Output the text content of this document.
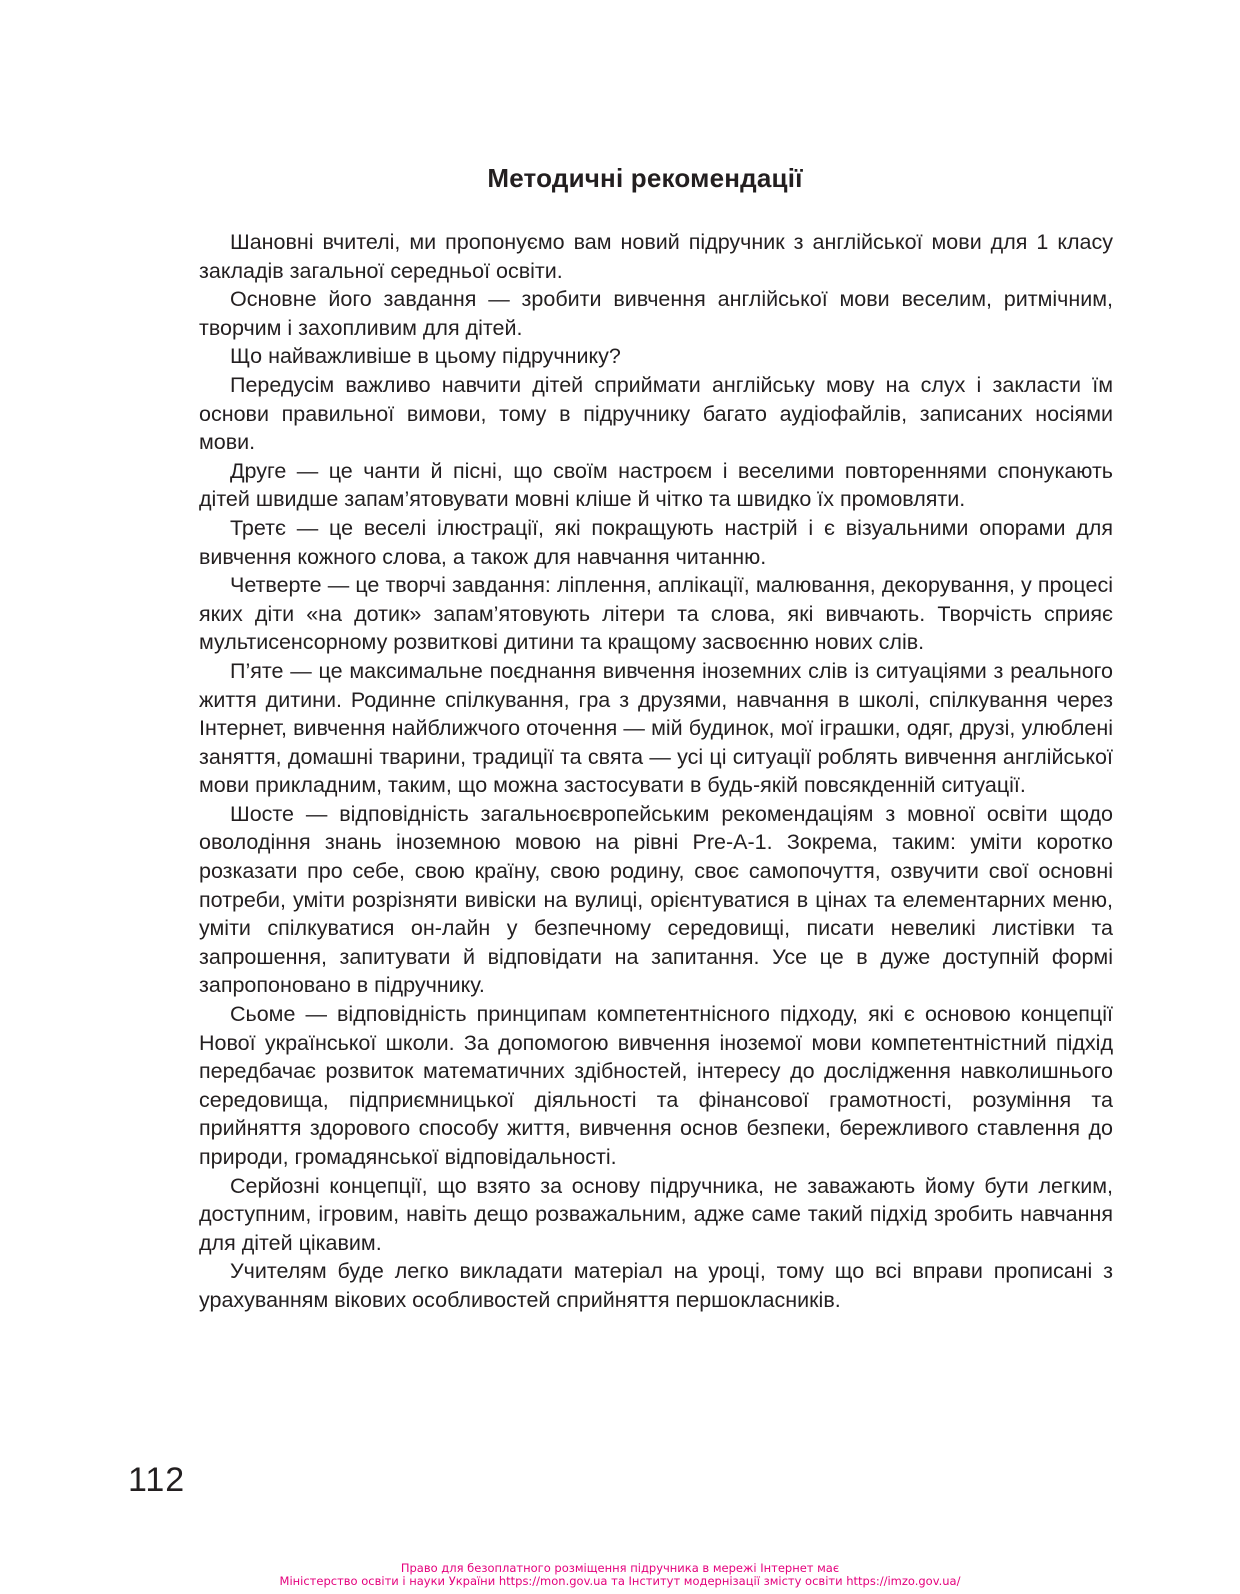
Методичні рекомендації

Шановні вчителі, ми пропонуємо вам новий підручник з англійської мови для 1 класу закладів загальної середньої освіти.

Основне його завдання — зробити вивчення англійської мови веселим, ритмічним, творчим і захопливим для дітей.

Що найважливіше в цьому підручнику?

Передусім важливо навчити дітей сприймати англійську мову на слух і закласти їм основи правильної вимови, тому в підручнику багато аудіофайлів, записаних носіями мови.

Друге — це чанти й пісні, що своїм настроєм і веселими повтореннями спонукають дітей швидше запам’ятовувати мовні кліше й чітко та швидко їх промовляти.

Третє — це веселі ілюстрації, які покращують настрій і є візуальними опорами для вивчення кожного слова, а також для навчання читанню.

Четверте — це творчі завдання: ліплення, аплікації, малювання, декорування, у процесі яких діти «на дотик» запам’ятовують літери та слова, які вивчають. Творчість сприяє мультисенсорному розвиткові дитини та кращому засвоєнню нових слів.

П’яте — це максимальне поєднання вивчення іноземних слів із ситуаціями з реального життя дитини. Родинне спілкування, гра з друзями, навчання в школі, спілкування через Інтернет, вивчення найближчого оточення — мій будинок, мої іграшки, одяг, друзі, улюблені заняття, домашні тварини, традиції та свята — усі ці ситуації роблять вивчення англійської мови прикладним, таким, що можна застосувати в будь-якій повсякденній ситуації.

Шосте — відповідність загальноєвропейським рекомендаціям з мовної освіти щодо оволодіння знань іноземною мовою на рівні Pre-A-1. Зокрема, таким: уміти коротко розказати про себе, свою країну, свою родину, своє самопочуття, озвучити свої основні потреби, уміти розрізняти вивіски на вулиці, орієнтуватися в цінах та елементарних меню, уміти спілкуватися он-лайн у безпечному середовищі, писати невеликі листівки та запрошення, запитувати й відповідати на запитання. Усе це в дуже доступній формі запропоновано в підручнику.

Сьоме — відповідність принципам компетентнісного підходу, які є основою концепції Нової української школи. За допомогою вивчення іноземої мови компетентністний підхід передбачає розвиток математичних здібностей, інтересу до дослідження навколишнього середовища, підприємницької діяльності та фінансової грамотності, розуміння та прийняття здорового способу життя, вивчення основ безпеки, бережливого ставлення до природи, громадянської відповідальності.

Серйозні концепції, що взято за основу підручника, не заважають йому бути легким, доступним, ігровим, навіть дещо розважальним, адже саме такий підхід зробить навчання для дітей цікавим.

Учителям буде легко викладати матеріал на уроці, тому що всі вправи прописані з урахуванням вікових особливостей сприйняття першокласників.

112
Право для безоплатного розміщення підручника в мережі Інтернет має
Міністерство освіти і науки України https://mon.gov.ua та Інститут модернізації змісту освіти https://imzo.gov.ua/
